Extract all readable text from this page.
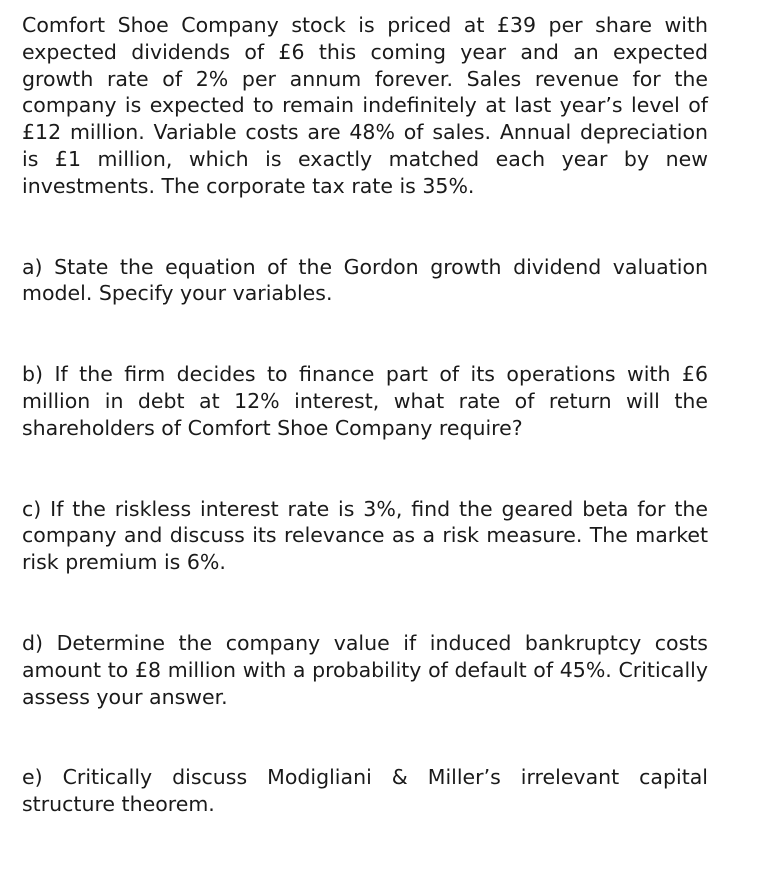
Comfort Shoe Company stock is priced at £39 per share with expected dividends of £6 this coming year and an expected growth rate of 2% per annum forever. Sales revenue for the company is expected to remain indefinitely at last year’s level of £12 million. Variable costs are 48% of sales. Annual depreciation is £1 million, which is exactly matched each year by new investments. The corporate tax rate is 35%.

a) State the equation of the Gordon growth dividend valuation model. Specify your variables.

b) If the firm decides to finance part of its operations with £6 million in debt at 12% interest, what rate of return will the shareholders of Comfort Shoe Company require?

c) If the riskless interest rate is 3%, find the geared beta for the company and discuss its relevance as a risk measure. The market risk premium is 6%.

d) Determine the company value if induced bankruptcy costs amount to £8 million with a probability of default of 45%. Critically assess your answer.

e) Critically discuss Modigliani & Miller’s irrelevant capital structure theorem.
